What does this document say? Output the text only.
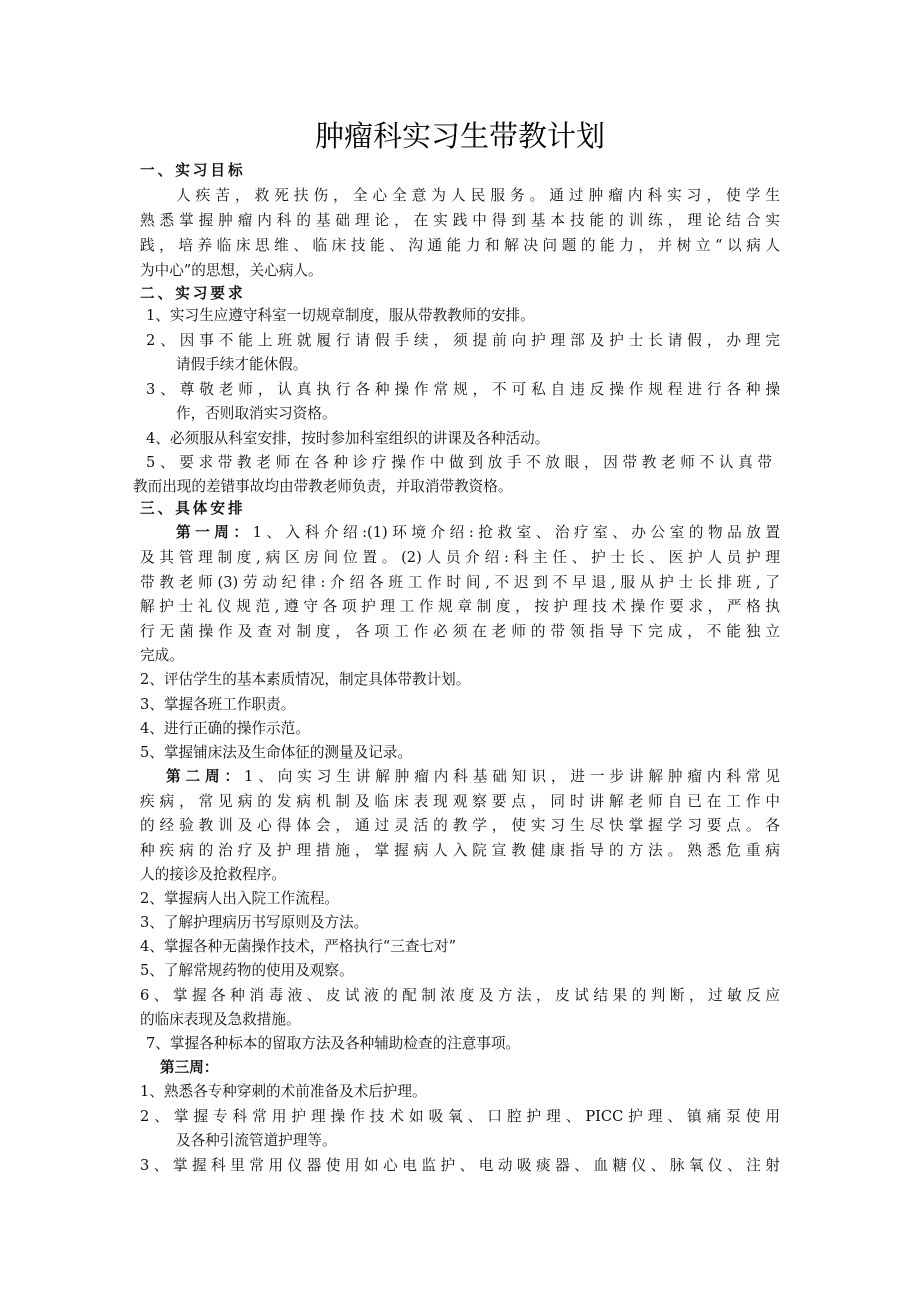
肿瘤科实习生带教计划
一、实习目标
人疾苦，救死扶伤，全心全意为人民服务。通过肿瘤内科实习，使学生
熟悉掌握肿瘤内科的基础理论，在实践中得到基本技能的训练，理论结合实
践，培养临床思维、临床技能、沟通能力和解决问题的能力，并树立“以病人
为中心”的思想，关心病人。
二、实习要求
1、实习生应遵守科室一切规章制度，服从带教教师的安排。
2、因事不能上班就履行请假手续，须提前向护理部及护士长请假，办理完
请假手续才能休假。
3、尊敬老师，认真执行各种操作常规，不可私自违反操作规程进行各种操
作，否则取消实习资格。
4、必须服从科室安排，按时参加科室组织的讲课及各种活动。
5、要求带教老师在各种诊疗操作中做到放手不放眼，因带教老师不认真带
教而出现的差错事故均由带教老师负责，并取消带教资格。
三、具体安排
第一周：1、入科介绍:(1)环境介绍:抢救室、治疗室、办公室的物品放置
及其管理制度,病区房间位置。(2)人员介绍:科主任、护士长、医护人员护理
带教老师(3)劳动纪律:介绍各班工作时间,不迟到不早退,服从护士长排班,了
解护士礼仪规范,遵守各项护理工作规章制度，按护理技术操作要求，严格执
行无菌操作及查对制度，各项工作必须在老师的带领指导下完成，不能独立
完成。
2、评估学生的基本素质情况，制定具体带教计划。
3、掌握各班工作职责。
4、进行正确的操作示范。
5、掌握铺床法及生命体征的测量及记录。
第二周：1、向实习生讲解肿瘤内科基础知识，进一步讲解肿瘤内科常见
疾病，常见病的发病机制及临床表现观察要点，同时讲解老师自已在工作中
的经验教训及心得体会，通过灵活的教学，使实习生尽快掌握学习要点。各
种疾病的治疗及护理措施，掌握病人入院宣教健康指导的方法。熟悉危重病
人的接诊及抢救程序。
2、掌握病人出入院工作流程。
3、了解护理病历书写原则及方法。
4、掌握各种无菌操作技术，严格执行“三查七对”
5、了解常规药物的使用及观察。
6、掌握各种消毒液、皮试液的配制浓度及方法，皮试结果的判断，过敏反应
的临床表现及急救措施。
7、掌握各种标本的留取方法及各种辅助检查的注意事项。
第三周：
1、熟悉各专种穿刺的术前准备及术后护理。
2、掌握专科常用护理操作技术如吸氧、口腔护理、PICC护理、镇痛泵使用
及各种引流管道护理等。
3、掌握科里常用仪器使用如心电监护、电动吸痰器、血糖仪、脉氧仪、注射
